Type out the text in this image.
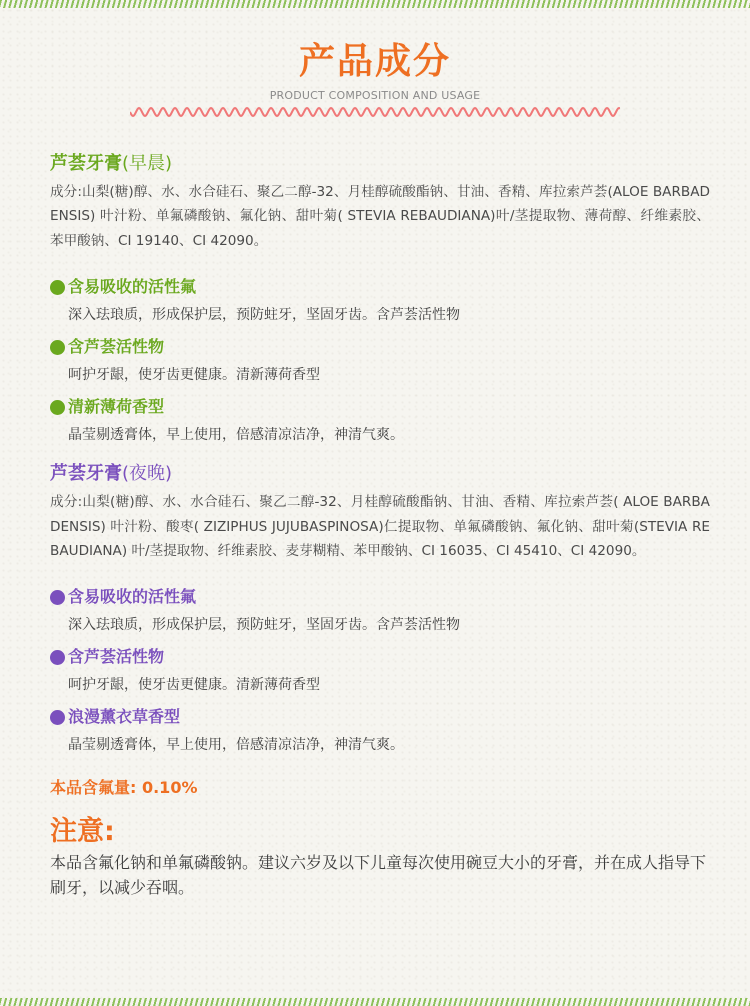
产品成分
PRODUCT COMPOSITION AND USAGE
芦荟牙膏(早晨)
成分:山梨(糖)醇、水、水合硅石、聚乙二醇-32、月桂醇硫酸酯钠、甘油、香精、库拉索芦荟(ALOE BARBADENSIS) 叶汁粉、单氟磷酸钠、氟化钠、甜叶菊( STEVIA REBAUDIANA)叶/茎提取物、薄荷醇、纤维素胶、苯甲酸钠、CI 19140、CI 42090。
含易吸收的活性氟
深入珐琅质，形成保护层，预防蛀牙，坚固牙齿。含芦荟活性物
含芦荟活性物
呵护牙龈，使牙齿更健康。清新薄荷香型
清新薄荷香型
晶莹剔透膏体，早上使用，倍感清凉洁净，神清气爽。
芦荟牙膏(夜晚)
成分:山梨(糖)醇、水、水合硅石、聚乙二醇-32、月桂醇硫酸酯钠、甘油、香精、库拉索芦荟( ALOE BARBADENSIS) 叶汁粉、酸枣( ZIZIPHUS JUJUBASPINOSA)仁提取物、单氟磷酸钠、氟化钠、甜叶菊(STEVIA REBAUDIANA) 叶/茎提取物、纤维素胶、麦芽糊精、苯甲酸钠、CI 16035、CI 45410、CI 42090。
含易吸收的活性氟
深入珐琅质，形成保护层，预防蛀牙，坚固牙齿。含芦荟活性物
含芦荟活性物
呵护牙龈，使牙齿更健康。清新薄荷香型
浪漫薰衣草香型
晶莹剔透膏体，早上使用，倍感清凉洁净，神清气爽。
本品含氟量: 0.10%
注意:
本品含氟化钠和单氟磷酸钠。建议六岁及以下儿童每次使用碗豆大小的牙膏，并在成人指导下刷牙，以减少吞咽。
